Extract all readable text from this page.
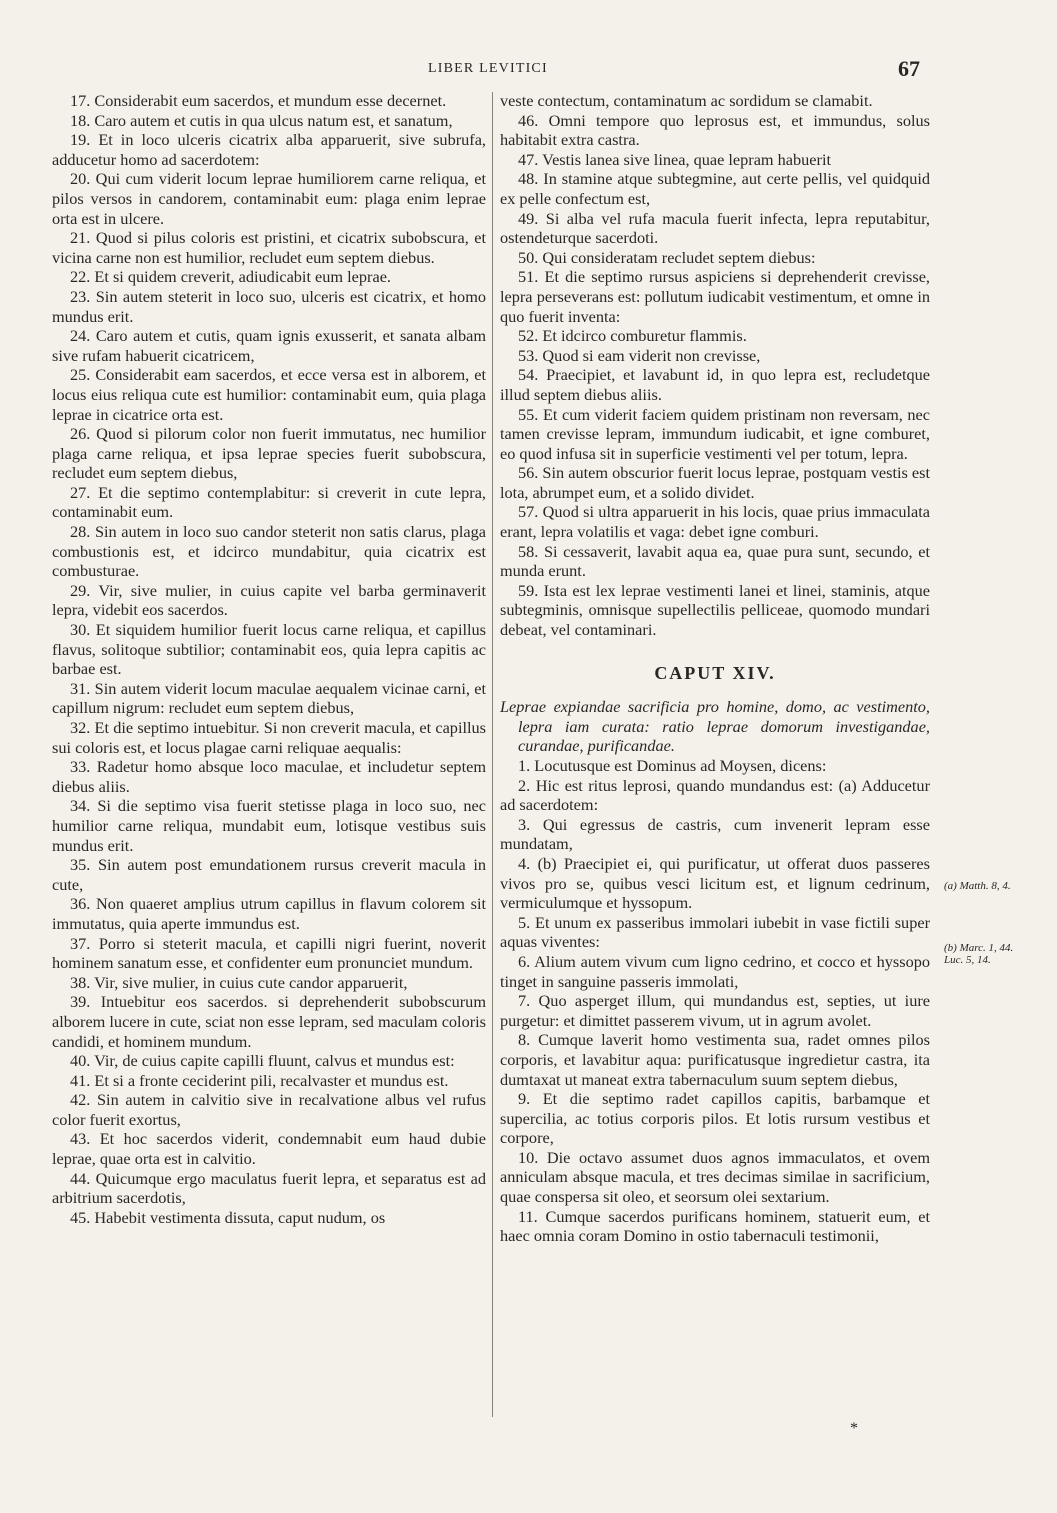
LIBER LEVITICI	67

17. Considerabit eum sacerdos, et mundum esse decernet.

18. Caro autem et cutis in qua ulcus natum est, et sanatum,

19. Et in loco ulceris cicatrix alba apparuerit, sive subrufa, adducetur homo ad sacerdotem:

20. Qui cum viderit locum leprae humiliorem carne reliqua, et pilos versos in candorem, contaminabit eum: plaga enim leprae orta est in ulcere.

21. Quod si pilus coloris est pristini, et cicatrix subobscura, et vicina carne non est humilior, recludet eum septem diebus.

22. Et si quidem creverit, adiudicabit eum leprae.

23. Sin autem steterit in loco suo, ulceris est cicatrix, et homo mundus erit.

24. Caro autem et cutis, quam ignis exusserit, et sanata albam sive rufam habuerit cicatricem,

25. Considerabit eam sacerdos, et ecce versa est in alborem, et locus eius reliqua cute est humilior: contaminabit eum, quia plaga leprae in cicatrice orta est.

26. Quod si pilorum color non fuerit immutatus, nec humilior plaga carne reliqua, et ipsa leprae species fuerit subobscura, recludet eum septem diebus,

27. Et die septimo contemplabitur: si creverit in cute lepra, contaminabit eum.

28. Sin autem in loco suo candor steterit non satis clarus, plaga combustionis est, et idcirco mundabitur, quia cicatrix est combusturae.

29. Vir, sive mulier, in cuius capite vel barba germinaverit lepra, videbit eos sacerdos.

30. Et siquidem humilior fuerit locus carne reliqua, et capillus flavus, solitoque subtilior; contaminabit eos, quia lepra capitis ac barbae est.

31. Sin autem viderit locum maculae aequalem vicinae carni, et capillum nigrum: recludet eum septem diebus,

32. Et die septimo intuebitur. Si non creverit macula, et capillus sui coloris est, et locus plagae carni reliquae aequalis:

33. Radetur homo absque loco maculae, et includetur septem diebus aliis.

34. Si die septimo visa fuerit stetisse plaga in loco suo, nec humilior carne reliqua, mundabit eum, lotisque vestibus suis mundus erit.

35. Sin autem post emundationem rursus creverit macula in cute,

36. Non quaeret amplius utrum capillus in flavum colorem sit immutatus, quia aperte immundus est.

37. Porro si steterit macula, et capilli nigri fuerint, noverit hominem sanatum esse, et confidenter eum pronunciet mundum.

38. Vir, sive mulier, in cuius cute candor apparuerit,

39. Intuebitur eos sacerdos. si deprehenderit subobscurum alborem lucere in cute, sciat non esse lepram, sed maculam coloris candidi, et hominem mundum.

40. Vir, de cuius capite capilli fluunt, calvus et mundus est:

41. Et si a fronte ceciderint pili, recalvaster et mundus est.

42. Sin autem in calvitio sive in recalvatione albus vel rufus color fuerit exortus,

43. Et hoc sacerdos viderit, condemnabit eum haud dubie leprae, quae orta est in calvitio.

44. Quicumque ergo maculatus fuerit lepra, et separatus est ad arbitrium sacerdotis,

45. Habebit vestimenta dissuta, caput nudum, os

veste contectum, contaminatum ac sordidum se clamabit.

46. Omni tempore quo leprosus est, et immundus, solus habitabit extra castra.

47. Vestis lanea sive linea, quae lepram habuerit

48. In stamine atque subtegmine, aut certe pellis, vel quidquid ex pelle confectum est,

49. Si alba vel rufa macula fuerit infecta, lepra reputabitur, ostendeturque sacerdoti.

50. Qui consideratam recludet septem diebus:

51. Et die septimo rursus aspiciens si deprehenderit crevisse, lepra perseverans est: pollutum iudicabit vestimentum, et omne in quo fuerit inventa:

52. Et idcirco comburetur flammis.

53. Quod si eam viderit non crevisse,

54. Praecipiet, et lavabunt id, in quo lepra est, recludetque illud septem diebus aliis.

55. Et cum viderit faciem quidem pristinam non reversam, nec tamen crevisse lepram, immundum iudicabit, et igne comburet, eo quod infusa sit in superficie vestimenti vel per totum, lepra.

56. Sin autem obscurior fuerit locus leprae, postquam vestis est lota, abrumpet eum, et a solido dividet.

57. Quod si ultra apparuerit in his locis, quae prius immaculata erant, lepra volatilis et vaga: debet igne comburi.

58. Si cessaverit, lavabit aqua ea, quae pura sunt, secundo, et munda erunt.

59. Ista est lex leprae vestimenti lanei et linei, staminis, atque subtegminis, omnisque supellectilis pelliceae, quomodo mundari debeat, vel contaminari.

CAPUT XIV.

Leprae expiandae sacrificia pro homine, domo, ac vestimento, lepra iam curata: ratio leprae domorum investigandae, curandae, purificandae.

1. Locutusque est Dominus ad Moysen, dicens:

2. Hic est ritus leprosi, quando mundandus est: (a) Adducetur ad sacerdotem:

3. Qui egressus de castris, cum invenerit lepram esse mundatam,

4. (b) Praecipiet ei, qui purificatur, ut offerat duos passeres vivos pro se, quibus vesci licitum est, et lignum cedrinum, vermiculumque et hyssopum.

5. Et unum ex passeribus immolari iubebit in vase fictili super aquas viventes:

6. Alium autem vivum cum ligno cedrino, et cocco et hyssopo tinget in sanguine passeris immolati,

7. Quo asperget illum, qui mundandus est, septies, ut iure purgetur: et dimittet passerem vivum, ut in agrum avolet.

8. Cumque laverit homo vestimenta sua, radet omnes pilos corporis, et lavabitur aqua: purificatusque ingredietur castra, ita dumtaxat ut maneat extra tabernaculum suum septem diebus,

9. Et die septimo radet capillos capitis, barbamque et supercilia, ac totius corporis pilos. Et lotis rursum vestibus et corpore,

10. Die octavo assumet duos agnos immaculatos, et ovem anniculam absque macula, et tres decimas similae in sacrificium, quae conspersa sit oleo, et seorsum olei sextarium.

11. Cumque sacerdos purificans hominem, statuerit eum, et haec omnia coram Domino in ostio tabernaculi testimonii,

(a) Matth. 8, 4.
(b) Marc. 1, 44. Luc. 5, 14.
*
